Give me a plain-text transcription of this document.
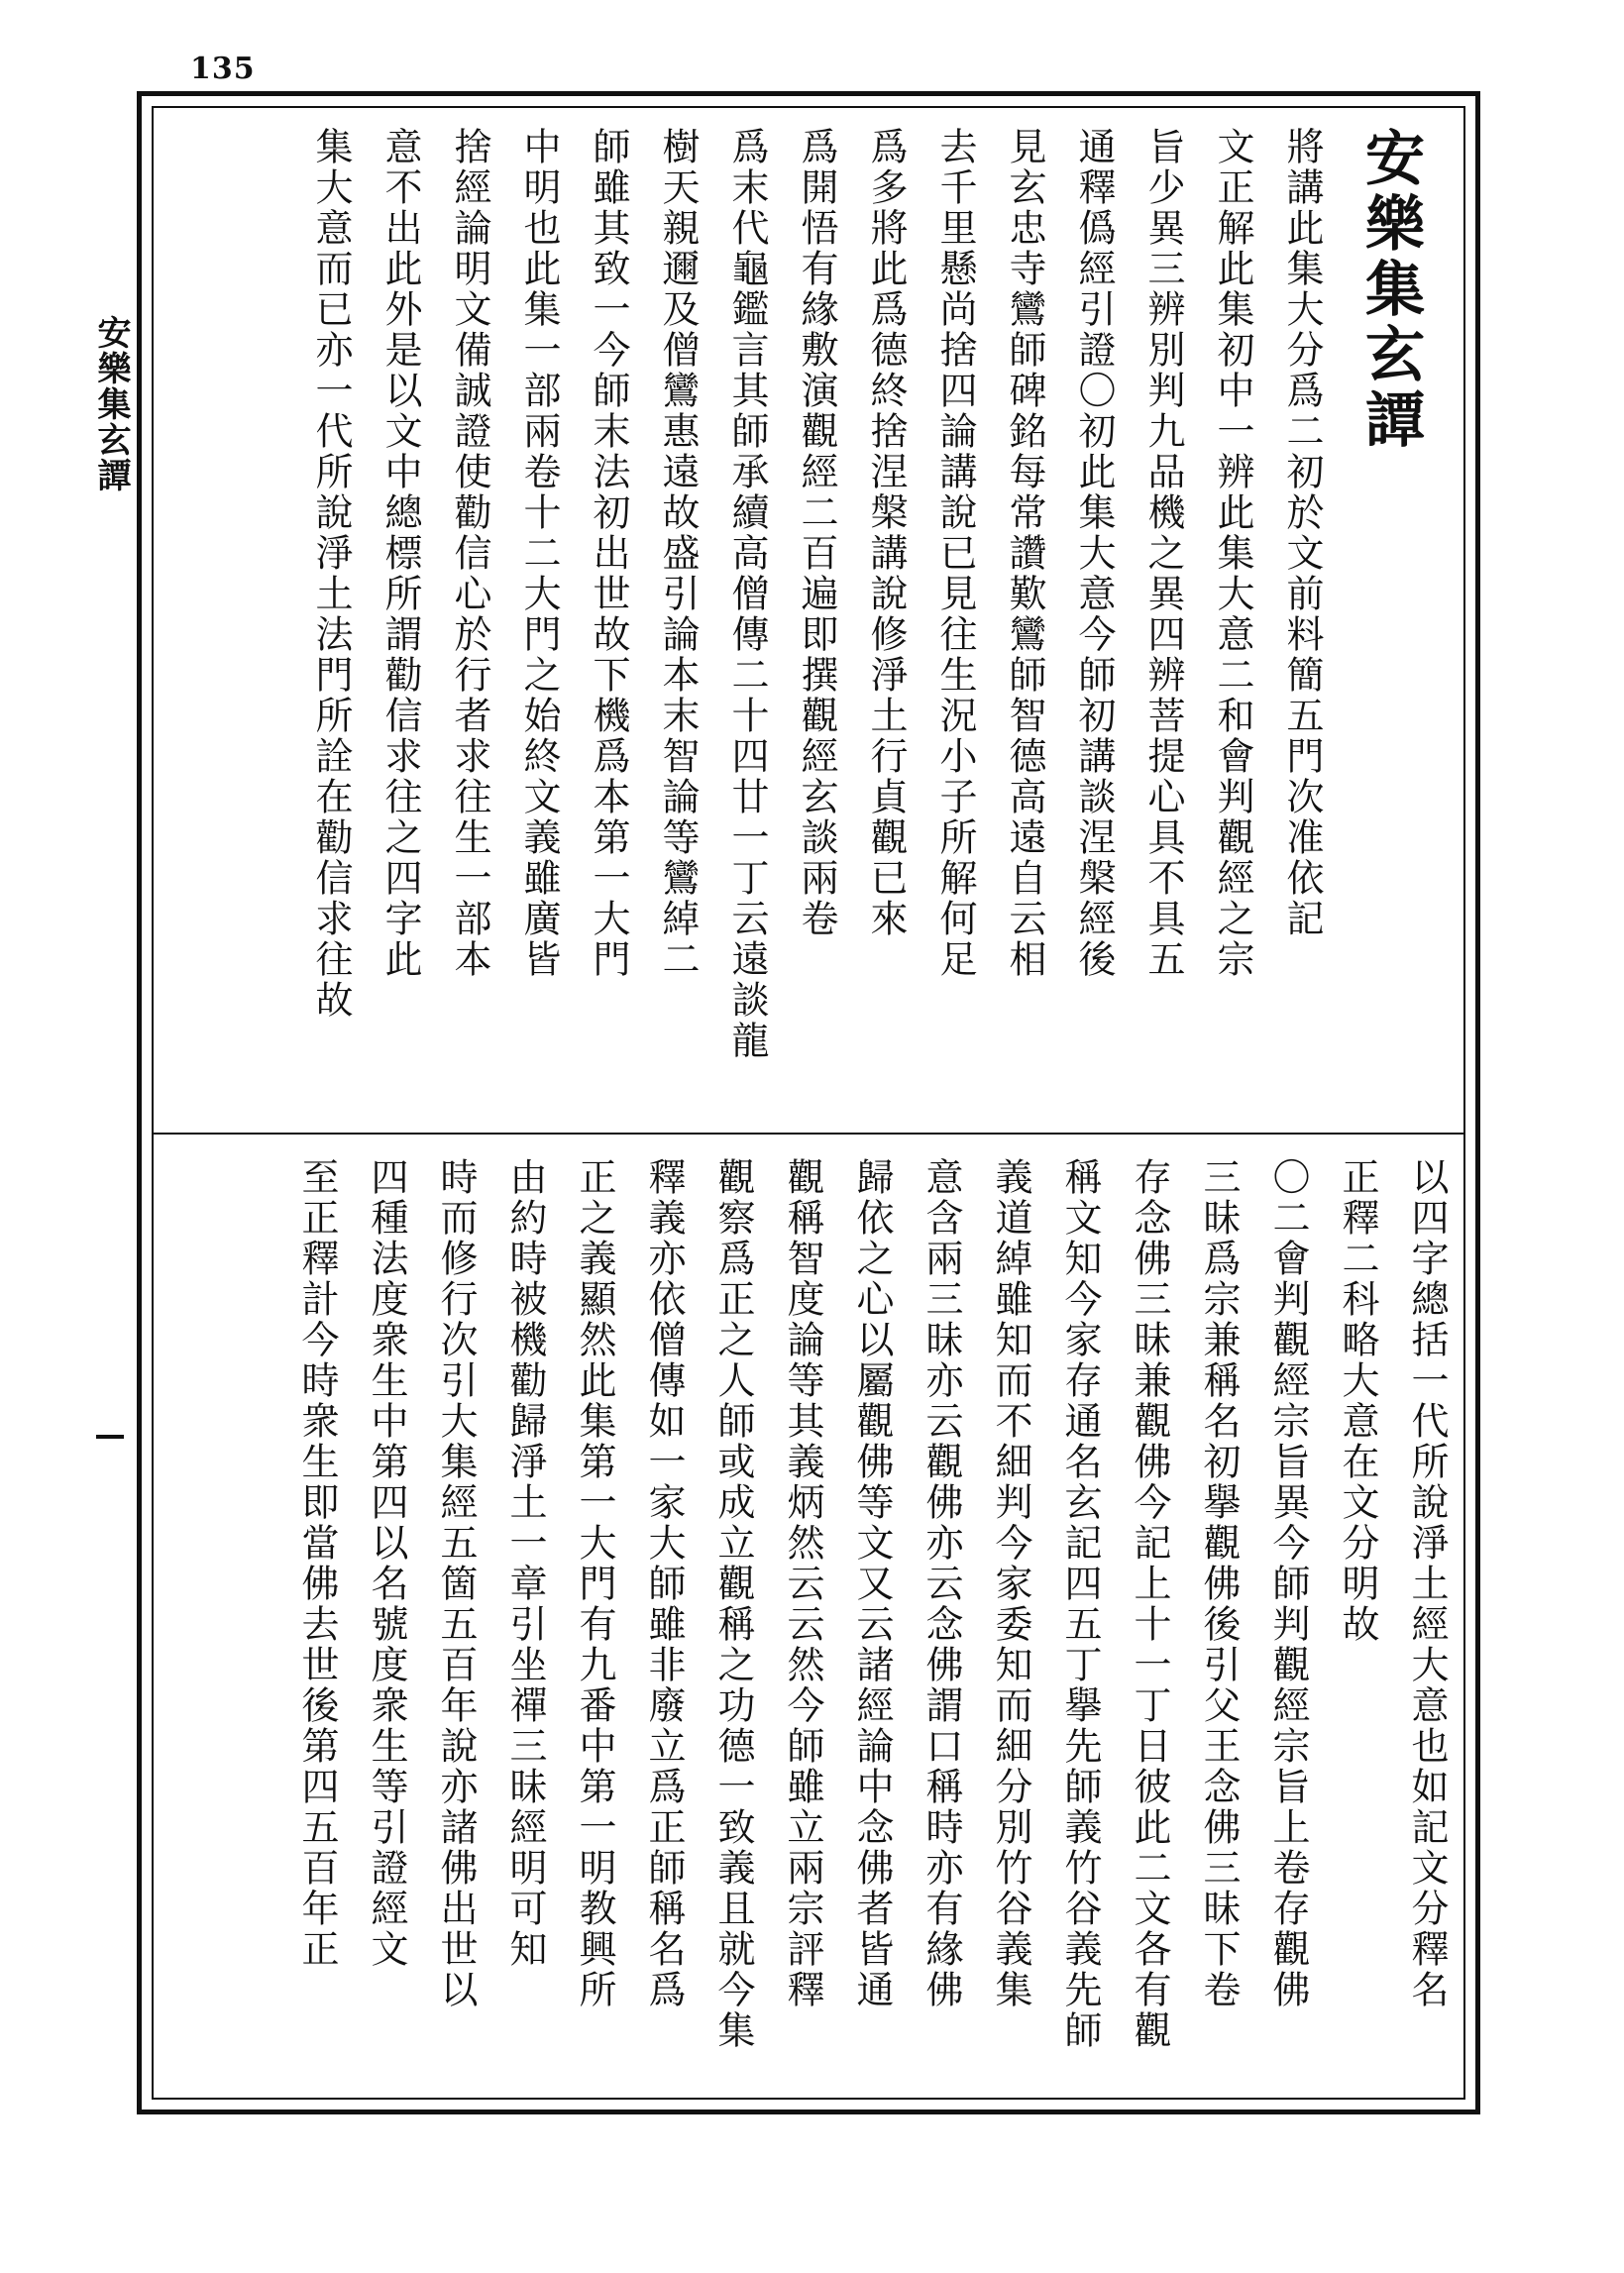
135
安樂集玄譚	安樂集玄譚
將講此集大分爲二初於文前料簡五門次准依記
文正解此集初中一辨此集大意二和會判觀經之宗
旨少異三辨別判九品機之異四辨菩提心具不具五
通釋僞經引證〇初此集大意今師初講談涅槃經後
見玄忠寺鸞師碑銘每常讚歎鸞師智德高遠自云相
去千里懸尚捨四論講說已見往生況小子所解何足
爲多將此爲德終捨涅槃講說修淨土行貞觀已來
爲開悟有緣敷演觀經二百遍即撰觀經玄談兩卷
爲末代龜鑑言其師承續高僧傳二十四廿一丁云遠談龍
樹天親邇及僧鸞惠遠故盛引論本末智論等鸞綽二
師雖其致一今師末法初出世故下機爲本第一大門
中明也此集一部兩卷十二大門之始終文義雖廣皆
捨經論明文備誠證使勸信心於行者求往生一部本
意不出此外是以文中總標所謂勸信求往之四字此
集大意而已亦一代所說淨土法門所詮在勸信求往故
以四字總括一代所說淨土經大意也如記文分釋名
正釋二科略大意在文分明故
〇二會判觀經宗旨異今師判觀經宗旨上卷存觀佛
三昧爲宗兼稱名初擧觀佛後引父王念佛三昧下卷
存念佛三昧兼觀佛今記上十一丁日彼此二文各有觀
稱文知今家存通名玄記四五丁擧先師義竹谷義先師
義道綽雖知而不細判今家委知而細分別竹谷義集
意含兩三昧亦云觀佛亦云念佛謂口稱時亦有緣佛
歸依之心以屬觀佛等文又云諸經論中念佛者皆通
觀稱智度論等其義炳然云云然今師雖立兩宗評釋
觀察爲正之人師或成立觀稱之功德一致義且就今集
釋義亦依僧傳如一家大師雖非廢立爲正師稱名爲
正之義顯然此集第一大門有九番中第一明教興所
由約時被機勸歸淨土一章引坐禪三昧經明可知
時而修行次引大集經五箇五百年說亦諸佛出世以
四種法度衆生中第四以名號度衆生等引證經文
至正釋計今時衆生即當佛去世後第四五百年正
